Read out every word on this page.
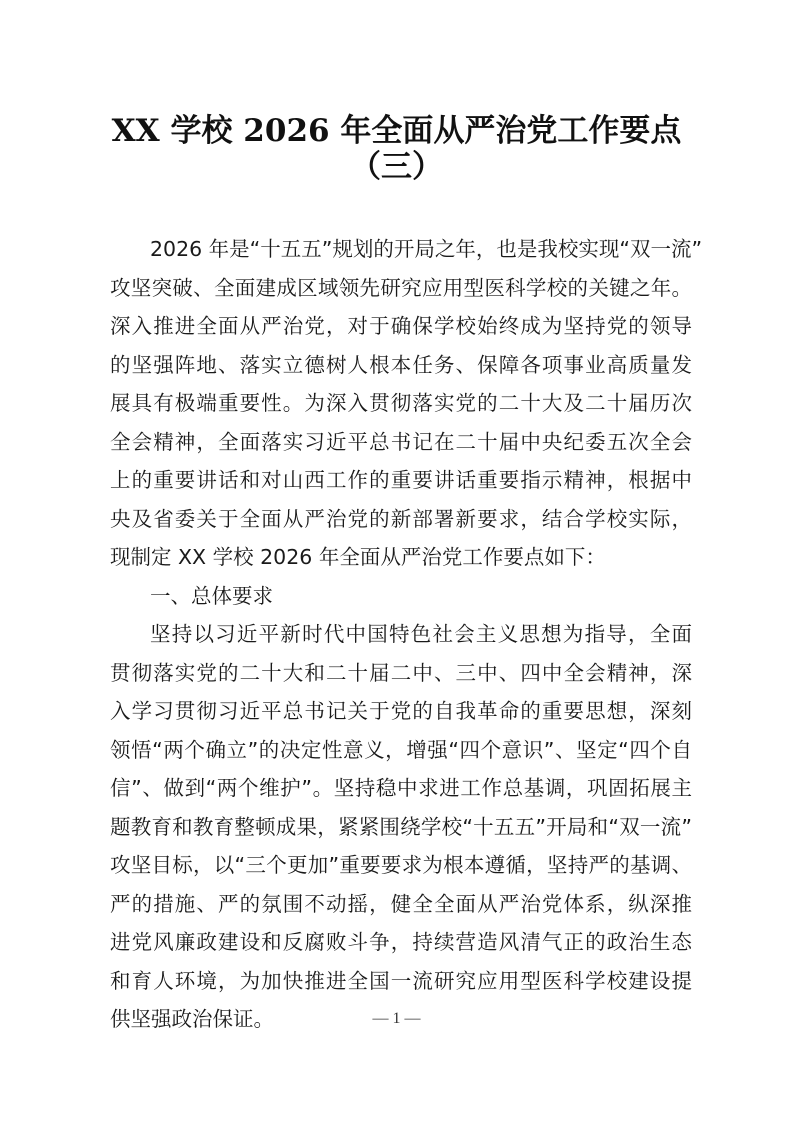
XX 学校 2026 年全面从严治党工作要点
（三）
2026 年是“十五五”规划的开局之年，也是我校实现“双一流”
攻坚突破、全面建成区域领先研究应用型医科学校的关键之年。
深入推进全面从严治党，对于确保学校始终成为坚持党的领导
的坚强阵地、落实立德树人根本任务、保障各项事业高质量发
展具有极端重要性。为深入贯彻落实党的二十大及二十届历次
全会精神，全面落实习近平总书记在二十届中央纪委五次全会
上的重要讲话和对山西工作的重要讲话重要指示精神，根据中
央及省委关于全面从严治党的新部署新要求，结合学校实际，
现制定 XX 学校 2026 年全面从严治党工作要点如下：
一、总体要求
坚持以习近平新时代中国特色社会主义思想为指导，全面
贯彻落实党的二十大和二十届二中、三中、四中全会精神，深
入学习贯彻习近平总书记关于党的自我革命的重要思想，深刻
领悟“两个确立”的决定性意义，增强“四个意识”、坚定“四个自
信”、做到“两个维护”。坚持稳中求进工作总基调，巩固拓展主
题教育和教育整顿成果，紧紧围绕学校“十五五”开局和“双一流”
攻坚目标，以“三个更加”重要要求为根本遵循，坚持严的基调、
严的措施、严的氛围不动摇，健全全面从严治党体系，纵深推
进党风廉政建设和反腐败斗争，持续营造风清气正的政治生态
和育人环境，为加快推进全国一流研究应用型医科学校建设提
供坚强政治保证。	— 1 —
